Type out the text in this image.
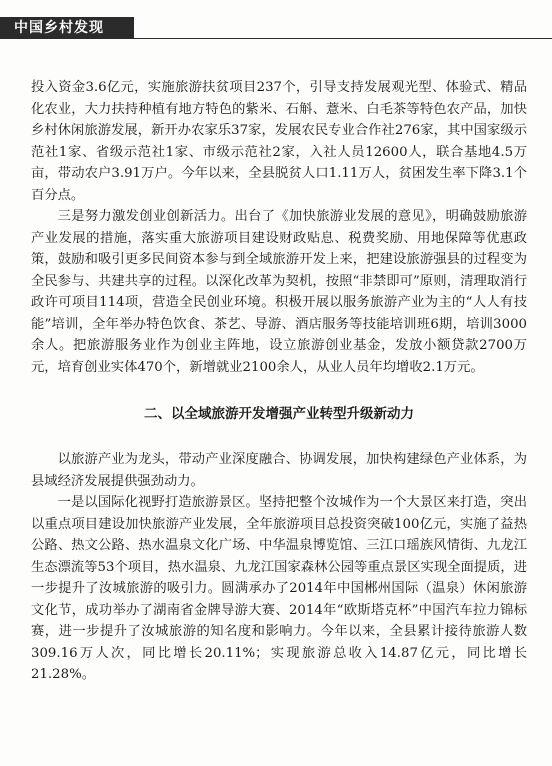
中国乡村发现

投入资金3.6亿元，实施旅游扶贫项目237个，引导支持发展观光型、体验式、精品化农业，大力扶持种植有地方特色的紫米、石斛、薏米、白毛茶等特色农产品，加快乡村休闲旅游发展，新开办农家乐37家，发展农民专业合作社276家，其中国家级示范社1家、省级示范社1家、市级示范社2家，入社人员12600人，联合基地4.5万亩，带动农户3.91万户。今年以来，全县脱贫人口1.11万人，贫困发生率下降3.1个百分点。

三是努力激发创业创新活力。出台了《加快旅游业发展的意见》，明确鼓励旅游产业发展的措施，落实重大旅游项目建设财政贴息、税费奖励、用地保障等优惠政策，鼓励和吸引更多民间资本参与到全域旅游开发上来，把建设旅游强县的过程变为全民参与、共建共享的过程。以深化改革为契机，按照“非禁即可”原则，清理取消行政许可项目114项，营造全民创业环境。积极开展以服务旅游产业为主的“人人有技能”培训，全年举办特色饮食、茶艺、导游、酒店服务等技能培训班6期，培训3000余人。把旅游服务业作为创业主阵地，设立旅游创业基金，发放小额贷款2700万元，培育创业实体470个，新增就业2100余人，从业人员年均增收2.1万元。

二、以全域旅游开发增强产业转型升级新动力

以旅游产业为龙头，带动产业深度融合、协调发展，加快构建绿色产业体系，为县域经济发展提供强劲动力。

一是以国际化视野打造旅游景区。坚持把整个汝城作为一个大景区来打造，突出以重点项目建设加快旅游产业发展，全年旅游项目总投资突破100亿元，实施了益热公路、热文公路、热水温泉文化广场、中华温泉博览馆、三江口瑶族风情街、九龙江生态漂流等53个项目，热水温泉、九龙江国家森林公园等重点景区实现全面提质，进一步提升了汝城旅游的吸引力。圆满承办了2014年中国郴州国际（温泉）休闲旅游文化节，成功举办了湖南省金牌导游大赛、2014年“欧斯塔克杯”中国汽车拉力锦标赛，进一步提升了汝城旅游的知名度和影响力。今年以来，全县累计接待旅游人数309.16万人次，同比增长20.11%；实现旅游总收入14.87亿元，同比增长21.28%。
